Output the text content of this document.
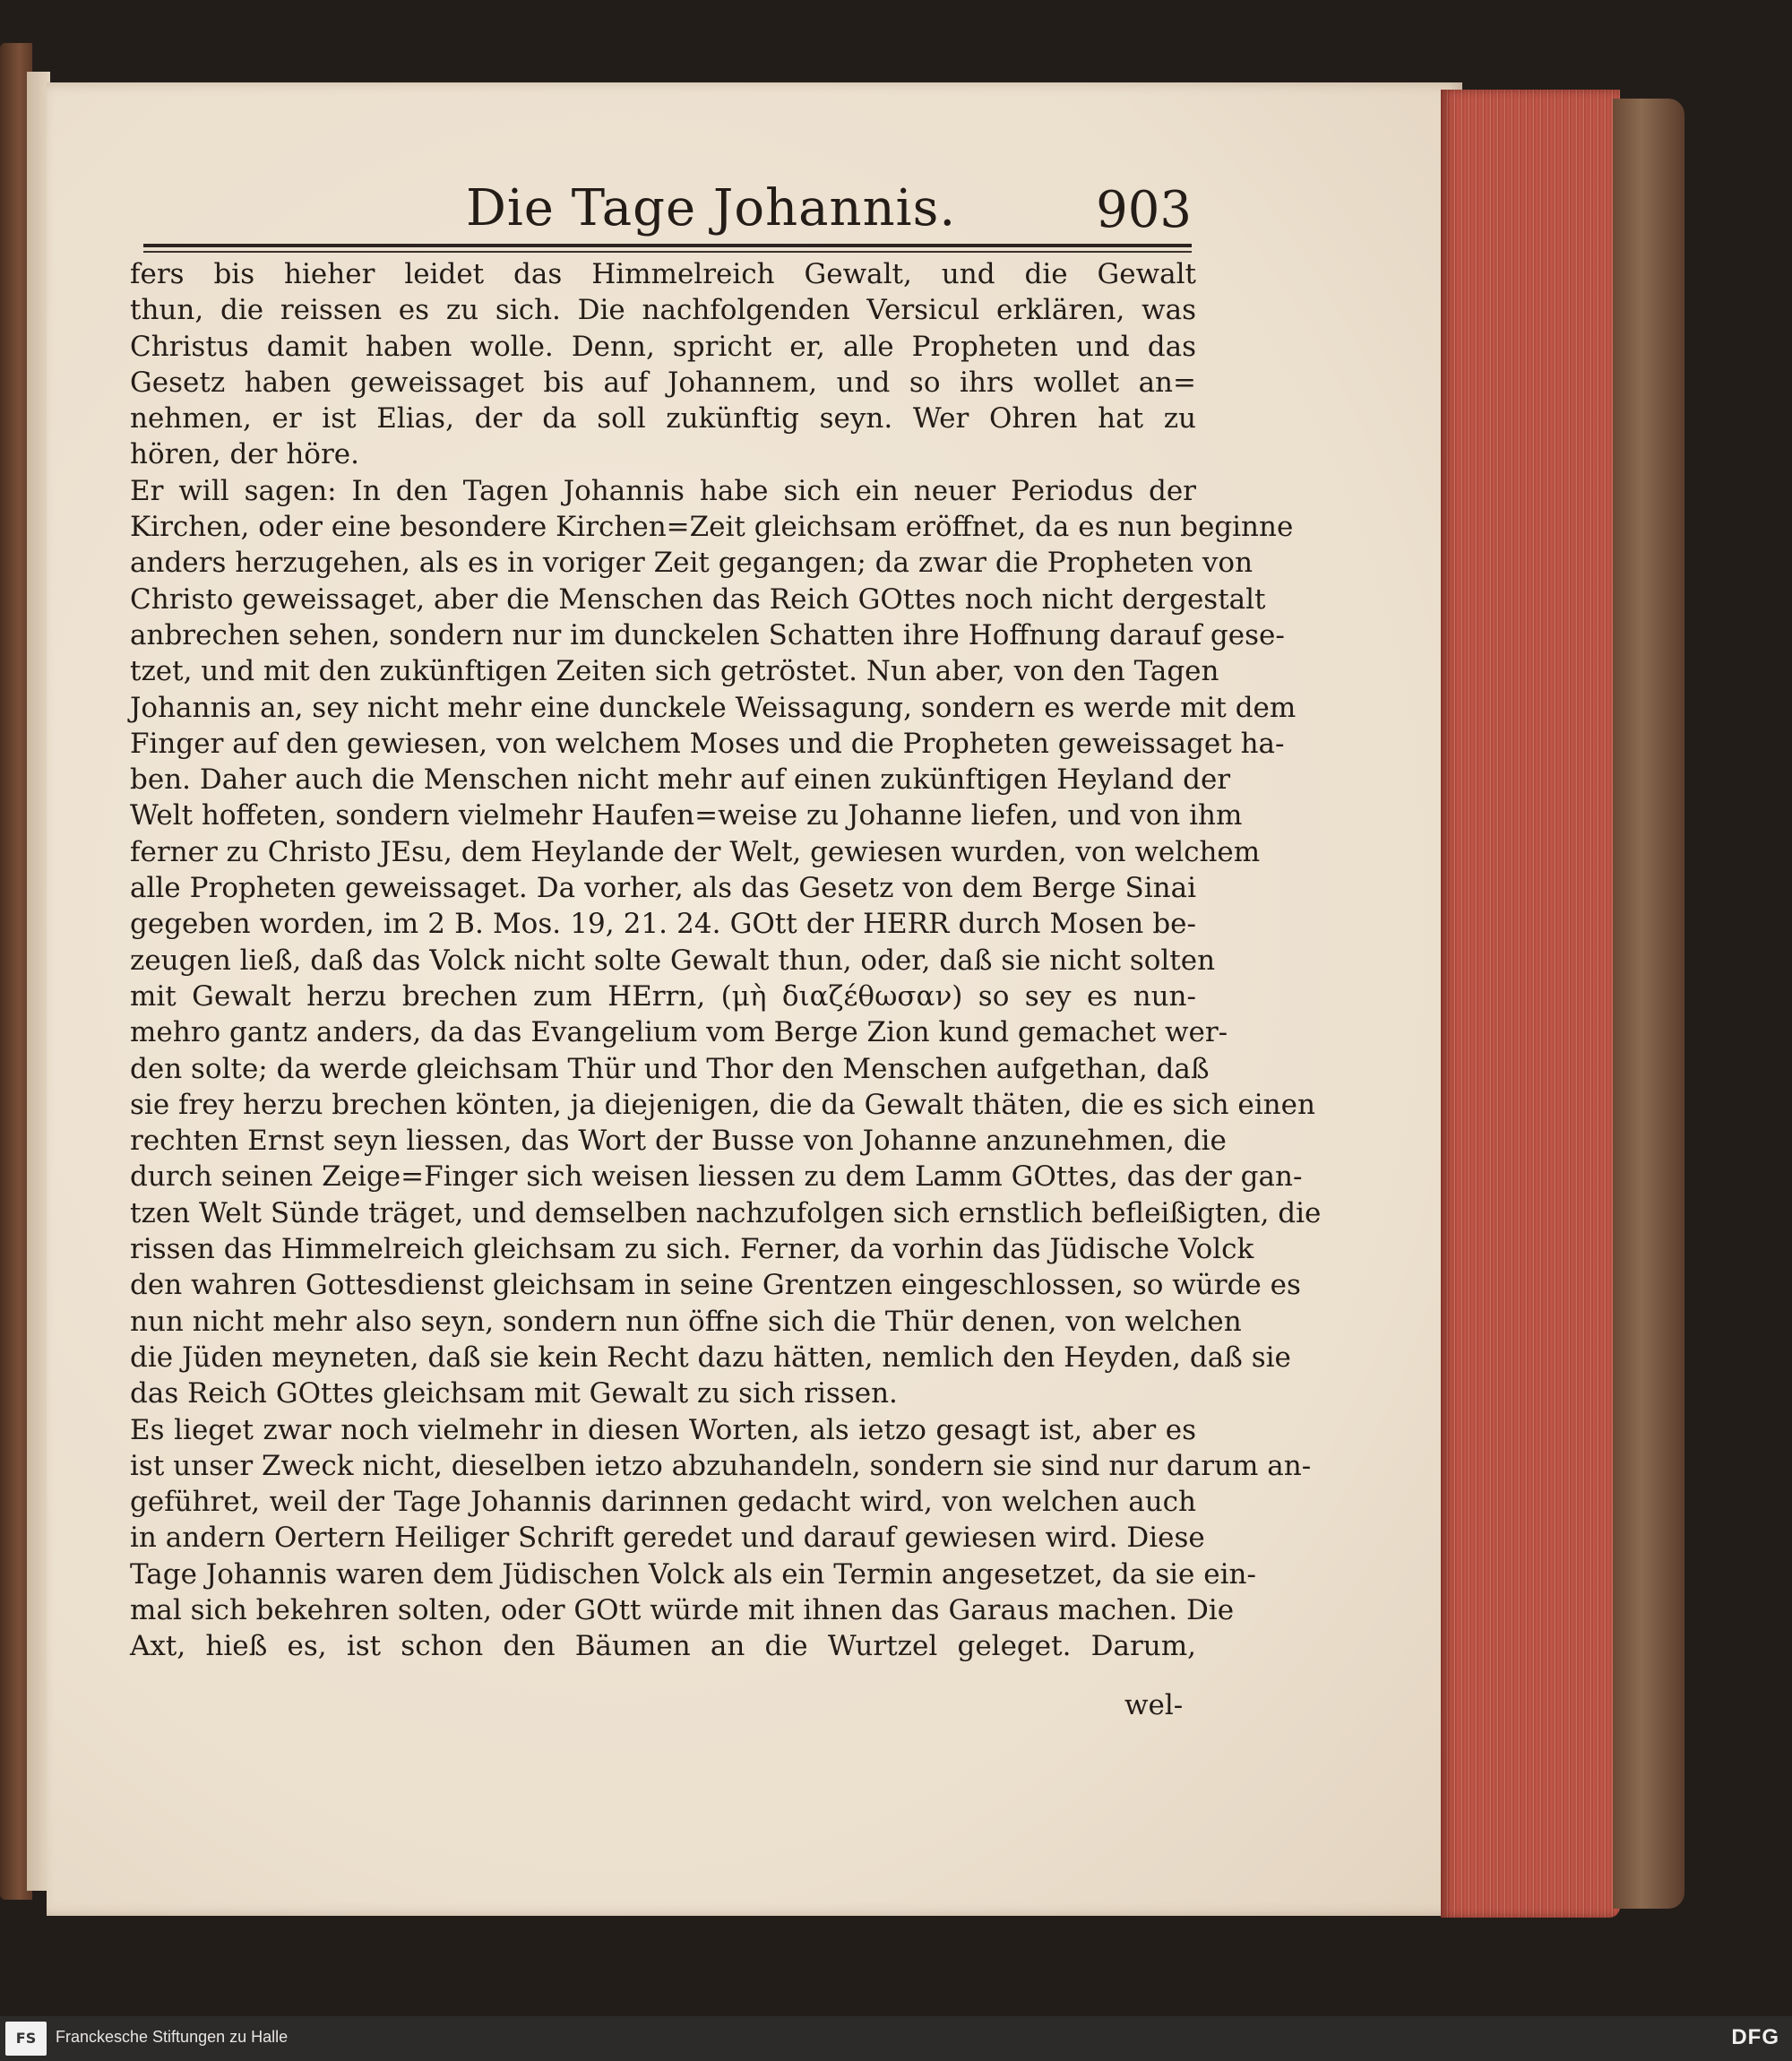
Die Tage Johannis.	903
fers bis hieher leidet das Himmelreich Gewalt, und die Gewalt
thun, die reissen es zu sich. Die nachfolgenden Versicul erklären, was
Christus damit haben wolle. Denn, spricht er, alle Propheten und das
Gesetz haben geweissaget bis auf Johannem, und so ihrs wollet an=
nehmen, er ist Elias, der da soll zukünftig seyn. Wer Ohren hat zu
hören, der höre.
Er will sagen: In den Tagen Johannis habe sich ein neuer Periodus der
Kirchen, oder eine besondere Kirchen=Zeit gleichsam eröffnet, da es nun beginne
anders herzugehen, als es in voriger Zeit gegangen; da zwar die Propheten von
Christo geweissaget, aber die Menschen das Reich GOttes noch nicht dergestalt
anbrechen sehen, sondern nur im dunckelen Schatten ihre Hoffnung darauf gese-
tzet, und mit den zukünftigen Zeiten sich getröstet. Nun aber, von den Tagen
Johannis an, sey nicht mehr eine dunckele Weissagung, sondern es werde mit dem
Finger auf den gewiesen, von welchem Moses und die Propheten geweissaget ha-
ben. Daher auch die Menschen nicht mehr auf einen zukünftigen Heyland der
Welt hoffeten, sondern vielmehr Haufen=weise zu Johanne liefen, und von ihm
ferner zu Christo JEsu, dem Heylande der Welt, gewiesen wurden, von welchem
alle Propheten geweissaget. Da vorher, als das Gesetz von dem Berge Sinai
gegeben worden, im 2 B. Mos. 19, 21. 24. GOtt der HERR durch Mosen be-
zeugen ließ, daß das Volck nicht solte Gewalt thun, oder, daß sie nicht solten
mit Gewalt herzu brechen zum HErrn, (μὴ διαζέθωσαν) so sey es nun-
mehro gantz anders, da das Evangelium vom Berge Zion kund gemachet wer-
den solte; da werde gleichsam Thür und Thor den Menschen aufgethan, daß
sie frey herzu brechen könten, ja diejenigen, die da Gewalt thäten, die es sich einen
rechten Ernst seyn liessen, das Wort der Busse von Johanne anzunehmen, die
durch seinen Zeige=Finger sich weisen liessen zu dem Lamm GOttes, das der gan-
tzen Welt Sünde träget, und demselben nachzufolgen sich ernstlich befleißigten, die
rissen das Himmelreich gleichsam zu sich. Ferner, da vorhin das Jüdische Volck
den wahren Gottesdienst gleichsam in seine Grentzen eingeschlossen, so würde es
nun nicht mehr also seyn, sondern nun öffne sich die Thür denen, von welchen
die Jüden meyneten, daß sie kein Recht dazu hätten, nemlich den Heyden, daß sie
das Reich GOttes gleichsam mit Gewalt zu sich rissen.
Es lieget zwar noch vielmehr in diesen Worten, als ietzo gesagt ist, aber es
ist unser Zweck nicht, dieselben ietzo abzuhandeln, sondern sie sind nur darum an-
geführet, weil der Tage Johannis darinnen gedacht wird, von welchen auch
in andern Oertern Heiliger Schrift geredet und darauf gewiesen wird. Diese
Tage Johannis waren dem Jüdischen Volck als ein Termin angesetzet, da sie ein-
mal sich bekehren solten, oder GOtt würde mit ihnen das Garaus machen. Die
Axt, hieß es, ist schon den Bäumen an die Wurtzel geleget. Darum,
wel-
FS	Franckesche Stiftungen zu Halle	DFG
